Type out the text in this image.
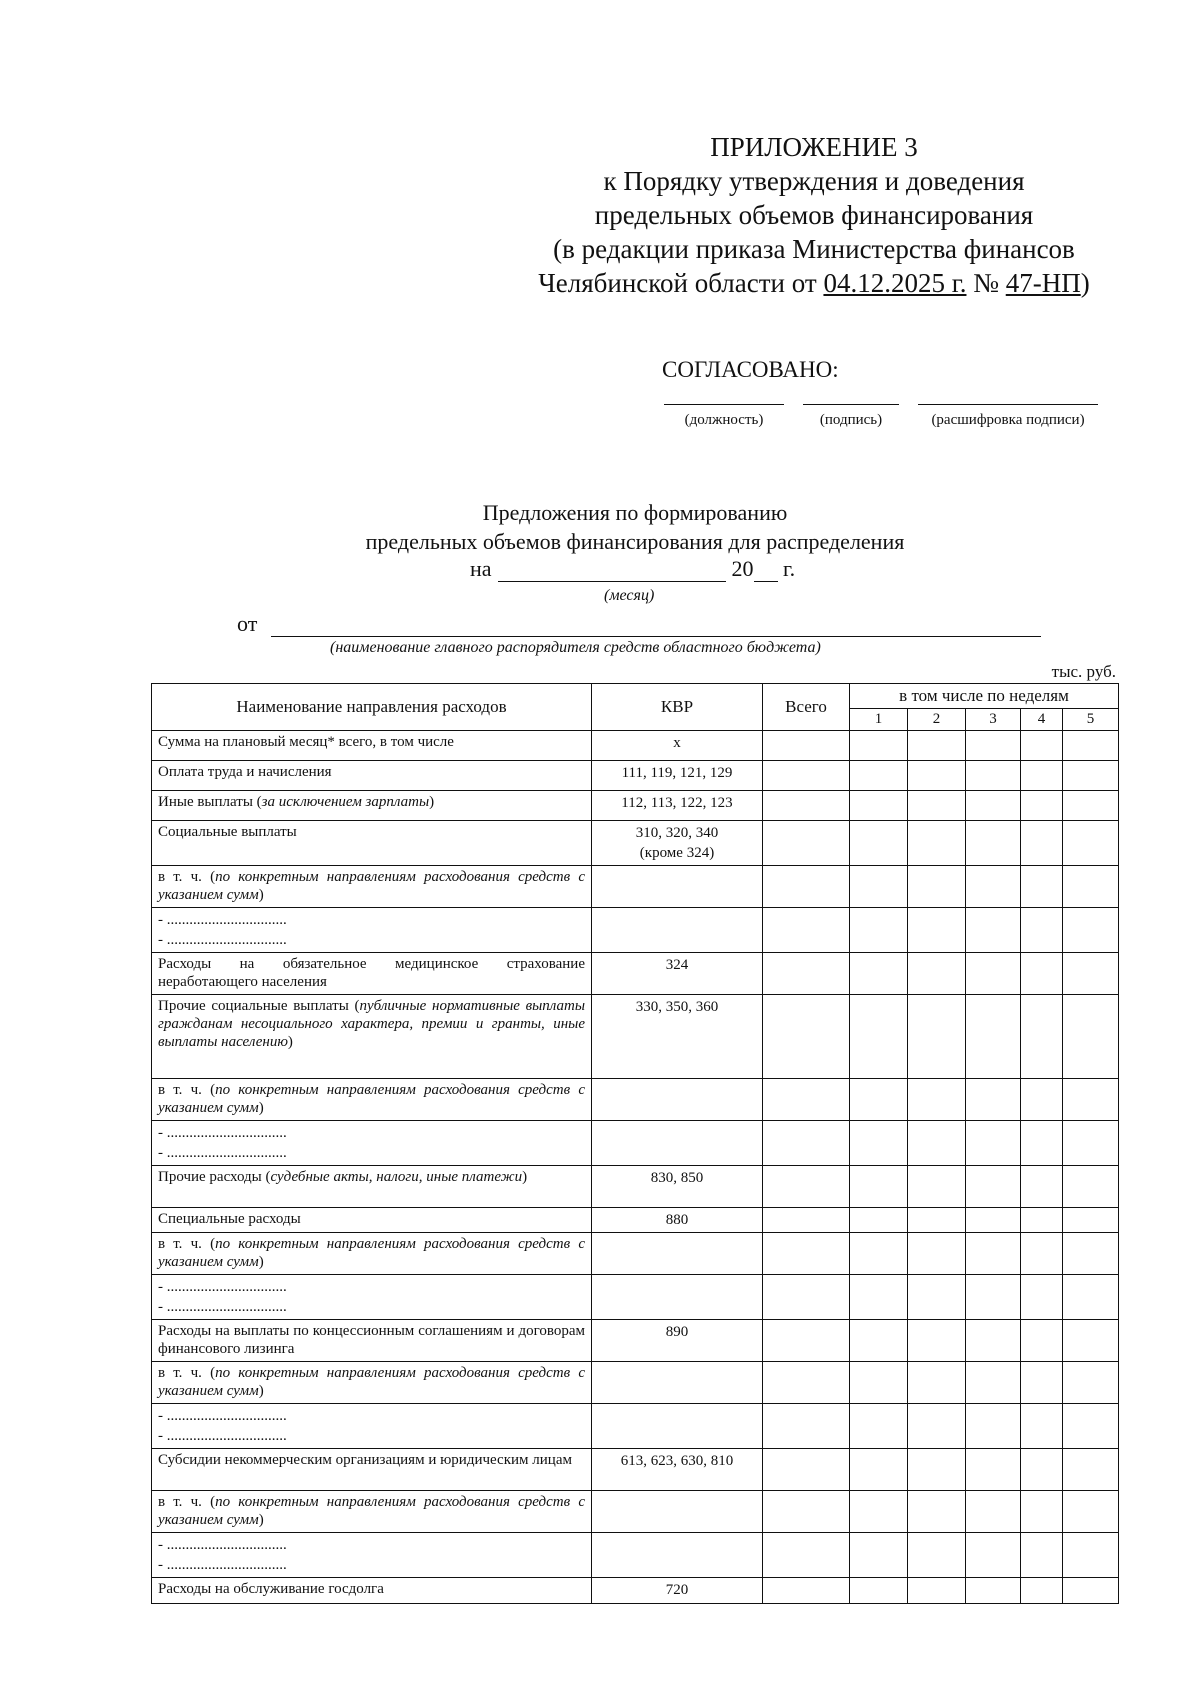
ПРИЛОЖЕНИЕ 3
к Порядку утверждения и доведения
предельных объемов финансирования
(в редакции приказа Министерства финансов
Челябинской области от 04.12.2025 г. № 47-НП)
СОГЛАСОВАНО:
(должность)	(подпись)	(расшифровка подписи)
Предложения по формированию
предельных объемов финансирования для распределения
на	20 г.
(месяц)
от
(наименование главного распорядителя средств областного бюджета)
тыс. руб.
Наименование направления расходов	КВР	Всего	в том числе по неделям				
			1	2	3	4	5
Сумма на плановый месяц* всего, в том числе	х						
Оплата труда и начисления	111, 119, 121, 129						
Иные выплаты (за исключением зарплаты)	112, 113, 122, 123						
Социальные выплаты	310, 320, 340
(кроме 324)						

в т. ч. (по конкретным направлениям расходования средств с указанием сумм)							

- ................................
- ................................							

Расходы на обязательное медицинское страхование неработающего населения	324						
Прочие социальные выплаты (публичные нормативные выплаты гражданам несоциального характера, премии и гранты, иные выплаты населению)	330, 350, 360						
в т. ч. (по конкретным направлениям расходования средств с указанием сумм)							

- ................................
- ................................							

Прочие расходы (судебные акты, налоги, иные платежи)	830, 850						
Специальные расходы	880						
в т. ч. (по конкретным направлениям расходования средств с указанием сумм)							

- ................................
- ................................							

Расходы на выплаты по концессионным соглашениям и договорам финансового лизинга	890						
в т. ч. (по конкретным направлениям расходования средств с указанием сумм)							

- ................................
- ................................							

Субсидии некоммерческим организациям и юридическим лицам	613, 623, 630, 810						
в т. ч. (по конкретным направлениям расходования средств с указанием сумм)							

- ................................
- ................................							

Расходы на обслуживание госдолга	720						
